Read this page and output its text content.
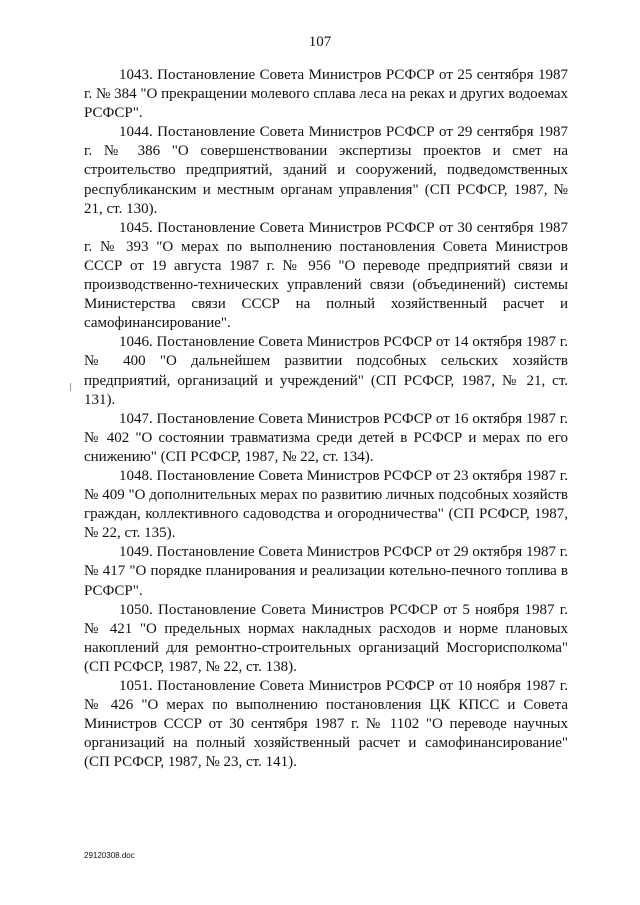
107

1043. Постановление Совета Министров РСФСР от 25 сентября 1987 г. № 384 "О прекращении молевого сплава леса на реках и других водоемах РСФСР".

1044. Постановление Совета Министров РСФСР от 29 сентября 1987 г. № 386 "О совершенствовании экспертизы проектов и смет на строительство предприятий, зданий и сооружений, подведомственных республиканским и местным органам управления" (СП РСФСР, 1987, № 21, ст. 130).

1045. Постановление Совета Министров РСФСР от 30 сентября 1987 г. № 393 "О мерах по выполнению постановления Совета Министров СССР от 19 августа 1987 г. № 956 "О переводе предприятий связи и производственно-технических управлений связи (объединений) системы Министерства связи СССР на полный хозяйственный расчет и самофинансирование".

1046. Постановление Совета Министров РСФСР от 14 октября 1987 г. № 400 "О дальнейшем развитии подсобных сельских хозяйств предприятий, организаций и учреждений" (СП РСФСР, 1987, № 21, ст. 131).

1047. Постановление Совета Министров РСФСР от 16 октября 1987 г. № 402 "О состоянии травматизма среди детей в РСФСР и мерах по его снижению" (СП РСФСР, 1987, № 22, ст. 134).

1048. Постановление Совета Министров РСФСР от 23 октября 1987 г. № 409 "О дополнительных мерах по развитию личных подсобных хозяйств граждан, коллективного садоводства и огородничества" (СП РСФСР, 1987, № 22, ст. 135).

1049. Постановление Совета Министров РСФСР от 29 октября 1987 г. № 417 "О порядке планирования и реализации котельно-печного топлива в РСФСР".

1050. Постановление Совета Министров РСФСР от 5 ноября 1987 г. № 421 "О предельных нормах накладных расходов и норме плановых накоплений для ремонтно-строительных организаций Мосгорисполкома" (СП РСФСР, 1987, № 22, ст. 138).

1051. Постановление Совета Министров РСФСР от 10 ноября 1987 г. № 426 "О мерах по выполнению постановления ЦК КПСС и Совета Министров СССР от 30 сентября 1987 г. № 1102 "О переводе научных организаций на полный хозяйственный расчет и самофинансирование" (СП РСФСР, 1987, № 23, ст. 141).

29120308.doc
